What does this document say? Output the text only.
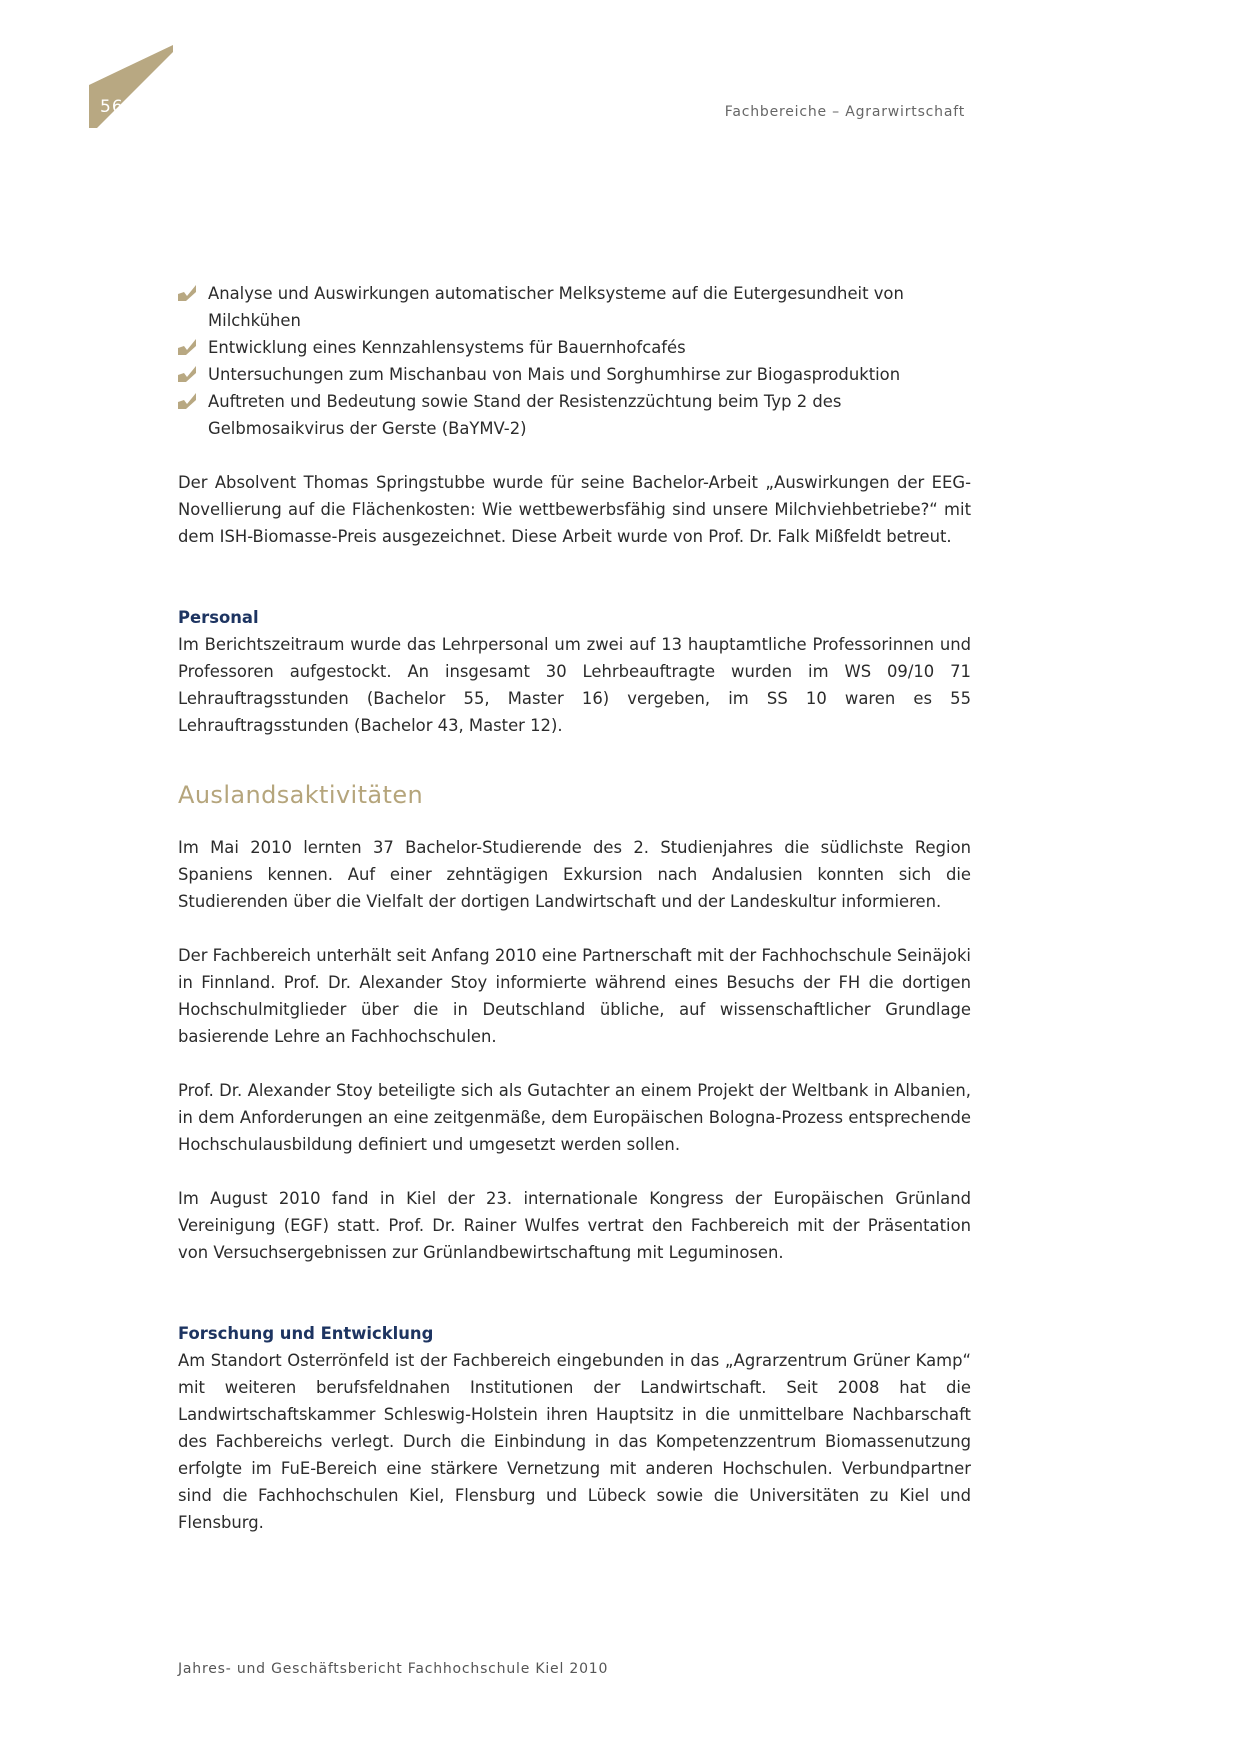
56	Fachbereiche – Agrarwirtschaft
Analyse und Auswirkungen automatischer Melksysteme auf die Eutergesundheit von Milchkühen
Entwicklung eines Kennzahlensystems für Bauernhofcafés
Untersuchungen zum Mischanbau von Mais und Sorghumhirse zur Biogasproduktion
Auftreten und Bedeutung sowie Stand der Resistenzzüchtung beim Typ 2 des Gelbmosaikvirus der Gerste (BaYMV-2)

Der Absolvent Thomas Springstubbe wurde für seine Bachelor-Arbeit „Auswirkungen der EEG-Novellierung auf die Flächenkosten: Wie wettbewerbsfähig sind unsere Milchviehbetriebe?“ mit dem ISH-Biomasse-Preis ausgezeichnet. Diese Arbeit wurde von Prof. Dr. Falk Mißfeldt betreut.

Personal

Im Berichtszeitraum wurde das Lehrpersonal um zwei auf 13 hauptamtliche Professorinnen und Professoren aufgestockt. An insgesamt 30 Lehrbeauftragte wurden im WS 09/10 71 Lehrauftragsstunden (Bachelor 55, Master 16) vergeben, im SS 10 waren es 55 Lehrauftragsstunden (Bachelor 43, Master 12).

Auslandsaktivitäten

Im Mai 2010 lernten 37 Bachelor-Studierende des 2. Studienjahres die südlichste Region Spaniens kennen. Auf einer zehntägigen Exkursion nach Andalusien konnten sich die Studierenden über die Vielfalt der dortigen Landwirtschaft und der Landeskultur informieren.

Der Fachbereich unterhält seit Anfang 2010 eine Partnerschaft mit der Fachhochschule Seinäjoki in Finnland. Prof. Dr. Alexander Stoy informierte während eines Besuchs der FH die dortigen Hochschulmitglieder über die in Deutschland übliche, auf wissenschaftlicher Grundlage basierende Lehre an Fachhochschulen.

Prof. Dr. Alexander Stoy beteiligte sich als Gutachter an einem Projekt der Weltbank in Albanien, in dem Anforderungen an eine zeitgenmäße, dem Europäischen Bologna-Prozess entsprechende Hochschulausbildung definiert und umgesetzt werden sollen.

Im August 2010 fand in Kiel der 23. internationale Kongress der Europäischen Grünland Vereinigung (EGF) statt. Prof. Dr. Rainer Wulfes vertrat den Fachbereich mit der Präsentation von Versuchsergebnissen zur Grünlandbewirtschaftung mit Leguminosen.

Forschung und Entwicklung

Am Standort Osterrönfeld ist der Fachbereich eingebunden in das „Agrarzentrum Grüner Kamp“ mit weiteren berufsfeldnahen Institutionen der Landwirtschaft. Seit 2008 hat die Landwirtschaftskammer Schleswig-Holstein ihren Hauptsitz in die unmittelbare Nachbarschaft des Fachbereichs verlegt. Durch die Einbindung in das Kompetenzzentrum Biomassenutzung erfolgte im FuE-Bereich eine stärkere Vernetzung mit anderen Hochschulen. Verbundpartner sind die Fachhochschulen Kiel, Flensburg und Lübeck sowie die Universitäten zu Kiel und Flensburg.

Jahres- und Geschäftsbericht Fachhochschule Kiel 2010
